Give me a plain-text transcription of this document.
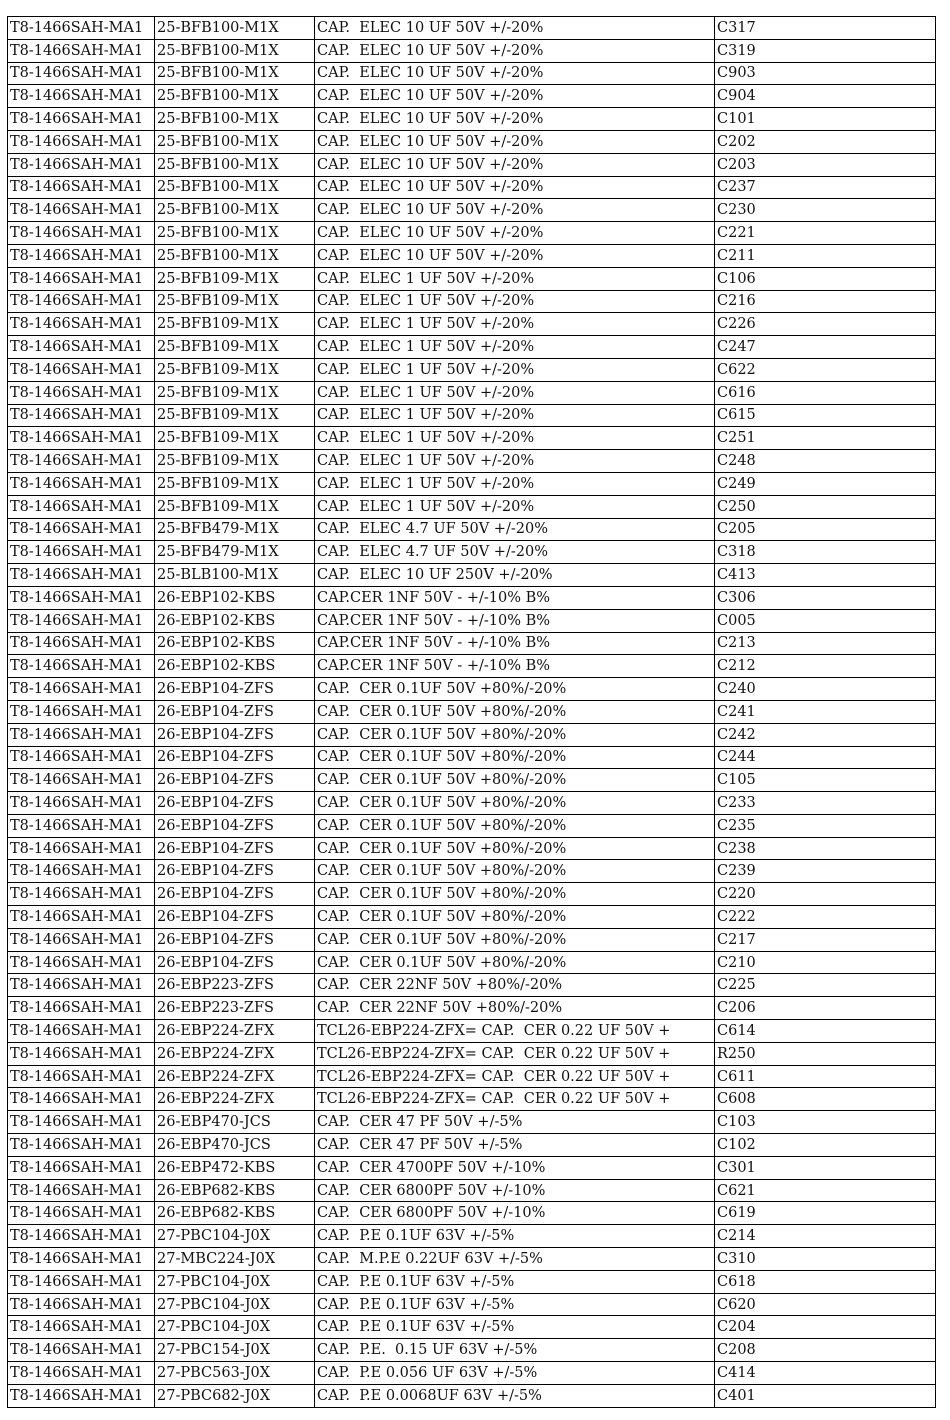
T8-1466SAH-MA1	25-BFB100-M1X	CAP.  ELEC 10 UF 50V +/-20%	C317
T8-1466SAH-MA1	25-BFB100-M1X	CAP.  ELEC 10 UF 50V +/-20%	C319
T8-1466SAH-MA1	25-BFB100-M1X	CAP.  ELEC 10 UF 50V +/-20%	C903
T8-1466SAH-MA1	25-BFB100-M1X	CAP.  ELEC 10 UF 50V +/-20%	C904
T8-1466SAH-MA1	25-BFB100-M1X	CAP.  ELEC 10 UF 50V +/-20%	C101
T8-1466SAH-MA1	25-BFB100-M1X	CAP.  ELEC 10 UF 50V +/-20%	C202
T8-1466SAH-MA1	25-BFB100-M1X	CAP.  ELEC 10 UF 50V +/-20%	C203
T8-1466SAH-MA1	25-BFB100-M1X	CAP.  ELEC 10 UF 50V +/-20%	C237
T8-1466SAH-MA1	25-BFB100-M1X	CAP.  ELEC 10 UF 50V +/-20%	C230
T8-1466SAH-MA1	25-BFB100-M1X	CAP.  ELEC 10 UF 50V +/-20%	C221
T8-1466SAH-MA1	25-BFB100-M1X	CAP.  ELEC 10 UF 50V +/-20%	C211
T8-1466SAH-MA1	25-BFB109-M1X	CAP.  ELEC 1 UF 50V +/-20%	C106
T8-1466SAH-MA1	25-BFB109-M1X	CAP.  ELEC 1 UF 50V +/-20%	C216
T8-1466SAH-MA1	25-BFB109-M1X	CAP.  ELEC 1 UF 50V +/-20%	C226
T8-1466SAH-MA1	25-BFB109-M1X	CAP.  ELEC 1 UF 50V +/-20%	C247
T8-1466SAH-MA1	25-BFB109-M1X	CAP.  ELEC 1 UF 50V +/-20%	C622
T8-1466SAH-MA1	25-BFB109-M1X	CAP.  ELEC 1 UF 50V +/-20%	C616
T8-1466SAH-MA1	25-BFB109-M1X	CAP.  ELEC 1 UF 50V +/-20%	C615
T8-1466SAH-MA1	25-BFB109-M1X	CAP.  ELEC 1 UF 50V +/-20%	C251
T8-1466SAH-MA1	25-BFB109-M1X	CAP.  ELEC 1 UF 50V +/-20%	C248
T8-1466SAH-MA1	25-BFB109-M1X	CAP.  ELEC 1 UF 50V +/-20%	C249
T8-1466SAH-MA1	25-BFB109-M1X	CAP.  ELEC 1 UF 50V +/-20%	C250
T8-1466SAH-MA1	25-BFB479-M1X	CAP.  ELEC 4.7 UF 50V +/-20%	C205
T8-1466SAH-MA1	25-BFB479-M1X	CAP.  ELEC 4.7 UF 50V +/-20%	C318
T8-1466SAH-MA1	25-BLB100-M1X	CAP.  ELEC 10 UF 250V +/-20%	C413
T8-1466SAH-MA1	26-EBP102-KBS	CAP.CER 1NF 50V - +/-10% B%	C306
T8-1466SAH-MA1	26-EBP102-KBS	CAP.CER 1NF 50V - +/-10% B%	C005
T8-1466SAH-MA1	26-EBP102-KBS	CAP.CER 1NF 50V - +/-10% B%	C213
T8-1466SAH-MA1	26-EBP102-KBS	CAP.CER 1NF 50V - +/-10% B%	C212
T8-1466SAH-MA1	26-EBP104-ZFS	CAP.  CER 0.1UF 50V +80%/-20%	C240
T8-1466SAH-MA1	26-EBP104-ZFS	CAP.  CER 0.1UF 50V +80%/-20%	C241
T8-1466SAH-MA1	26-EBP104-ZFS	CAP.  CER 0.1UF 50V +80%/-20%	C242
T8-1466SAH-MA1	26-EBP104-ZFS	CAP.  CER 0.1UF 50V +80%/-20%	C244
T8-1466SAH-MA1	26-EBP104-ZFS	CAP.  CER 0.1UF 50V +80%/-20%	C105
T8-1466SAH-MA1	26-EBP104-ZFS	CAP.  CER 0.1UF 50V +80%/-20%	C233
T8-1466SAH-MA1	26-EBP104-ZFS	CAP.  CER 0.1UF 50V +80%/-20%	C235
T8-1466SAH-MA1	26-EBP104-ZFS	CAP.  CER 0.1UF 50V +80%/-20%	C238
T8-1466SAH-MA1	26-EBP104-ZFS	CAP.  CER 0.1UF 50V +80%/-20%	C239
T8-1466SAH-MA1	26-EBP104-ZFS	CAP.  CER 0.1UF 50V +80%/-20%	C220
T8-1466SAH-MA1	26-EBP104-ZFS	CAP.  CER 0.1UF 50V +80%/-20%	C222
T8-1466SAH-MA1	26-EBP104-ZFS	CAP.  CER 0.1UF 50V +80%/-20%	C217
T8-1466SAH-MA1	26-EBP104-ZFS	CAP.  CER 0.1UF 50V +80%/-20%	C210
T8-1466SAH-MA1	26-EBP223-ZFS	CAP.  CER 22NF 50V +80%/-20%	C225
T8-1466SAH-MA1	26-EBP223-ZFS	CAP.  CER 22NF 50V +80%/-20%	C206
T8-1466SAH-MA1	26-EBP224-ZFX	TCL26-EBP224-ZFX= CAP.  CER 0.22 UF 50V +	C614
T8-1466SAH-MA1	26-EBP224-ZFX	TCL26-EBP224-ZFX= CAP.  CER 0.22 UF 50V +	R250
T8-1466SAH-MA1	26-EBP224-ZFX	TCL26-EBP224-ZFX= CAP.  CER 0.22 UF 50V +	C611
T8-1466SAH-MA1	26-EBP224-ZFX	TCL26-EBP224-ZFX= CAP.  CER 0.22 UF 50V +	C608
T8-1466SAH-MA1	26-EBP470-JCS	CAP.  CER 47 PF 50V +/-5%	C103
T8-1466SAH-MA1	26-EBP470-JCS	CAP.  CER 47 PF 50V +/-5%	C102
T8-1466SAH-MA1	26-EBP472-KBS	CAP.  CER 4700PF 50V +/-10%	C301
T8-1466SAH-MA1	26-EBP682-KBS	CAP.  CER 6800PF 50V +/-10%	C621
T8-1466SAH-MA1	26-EBP682-KBS	CAP.  CER 6800PF 50V +/-10%	C619
T8-1466SAH-MA1	27-PBC104-J0X	CAP.  P.E 0.1UF 63V +/-5%	C214
T8-1466SAH-MA1	27-MBC224-J0X	CAP.  M.P.E 0.22UF 63V +/-5%	C310
T8-1466SAH-MA1	27-PBC104-J0X	CAP.  P.E 0.1UF 63V +/-5%	C618
T8-1466SAH-MA1	27-PBC104-J0X	CAP.  P.E 0.1UF 63V +/-5%	C620
T8-1466SAH-MA1	27-PBC104-J0X	CAP.  P.E 0.1UF 63V +/-5%	C204
T8-1466SAH-MA1	27-PBC154-J0X	CAP.  P.E.  0.15 UF 63V +/-5%	C208
T8-1466SAH-MA1	27-PBC563-J0X	CAP.  P.E 0.056 UF 63V +/-5%	C414
T8-1466SAH-MA1	27-PBC682-J0X	CAP.  P.E 0.0068UF 63V +/-5%	C401
